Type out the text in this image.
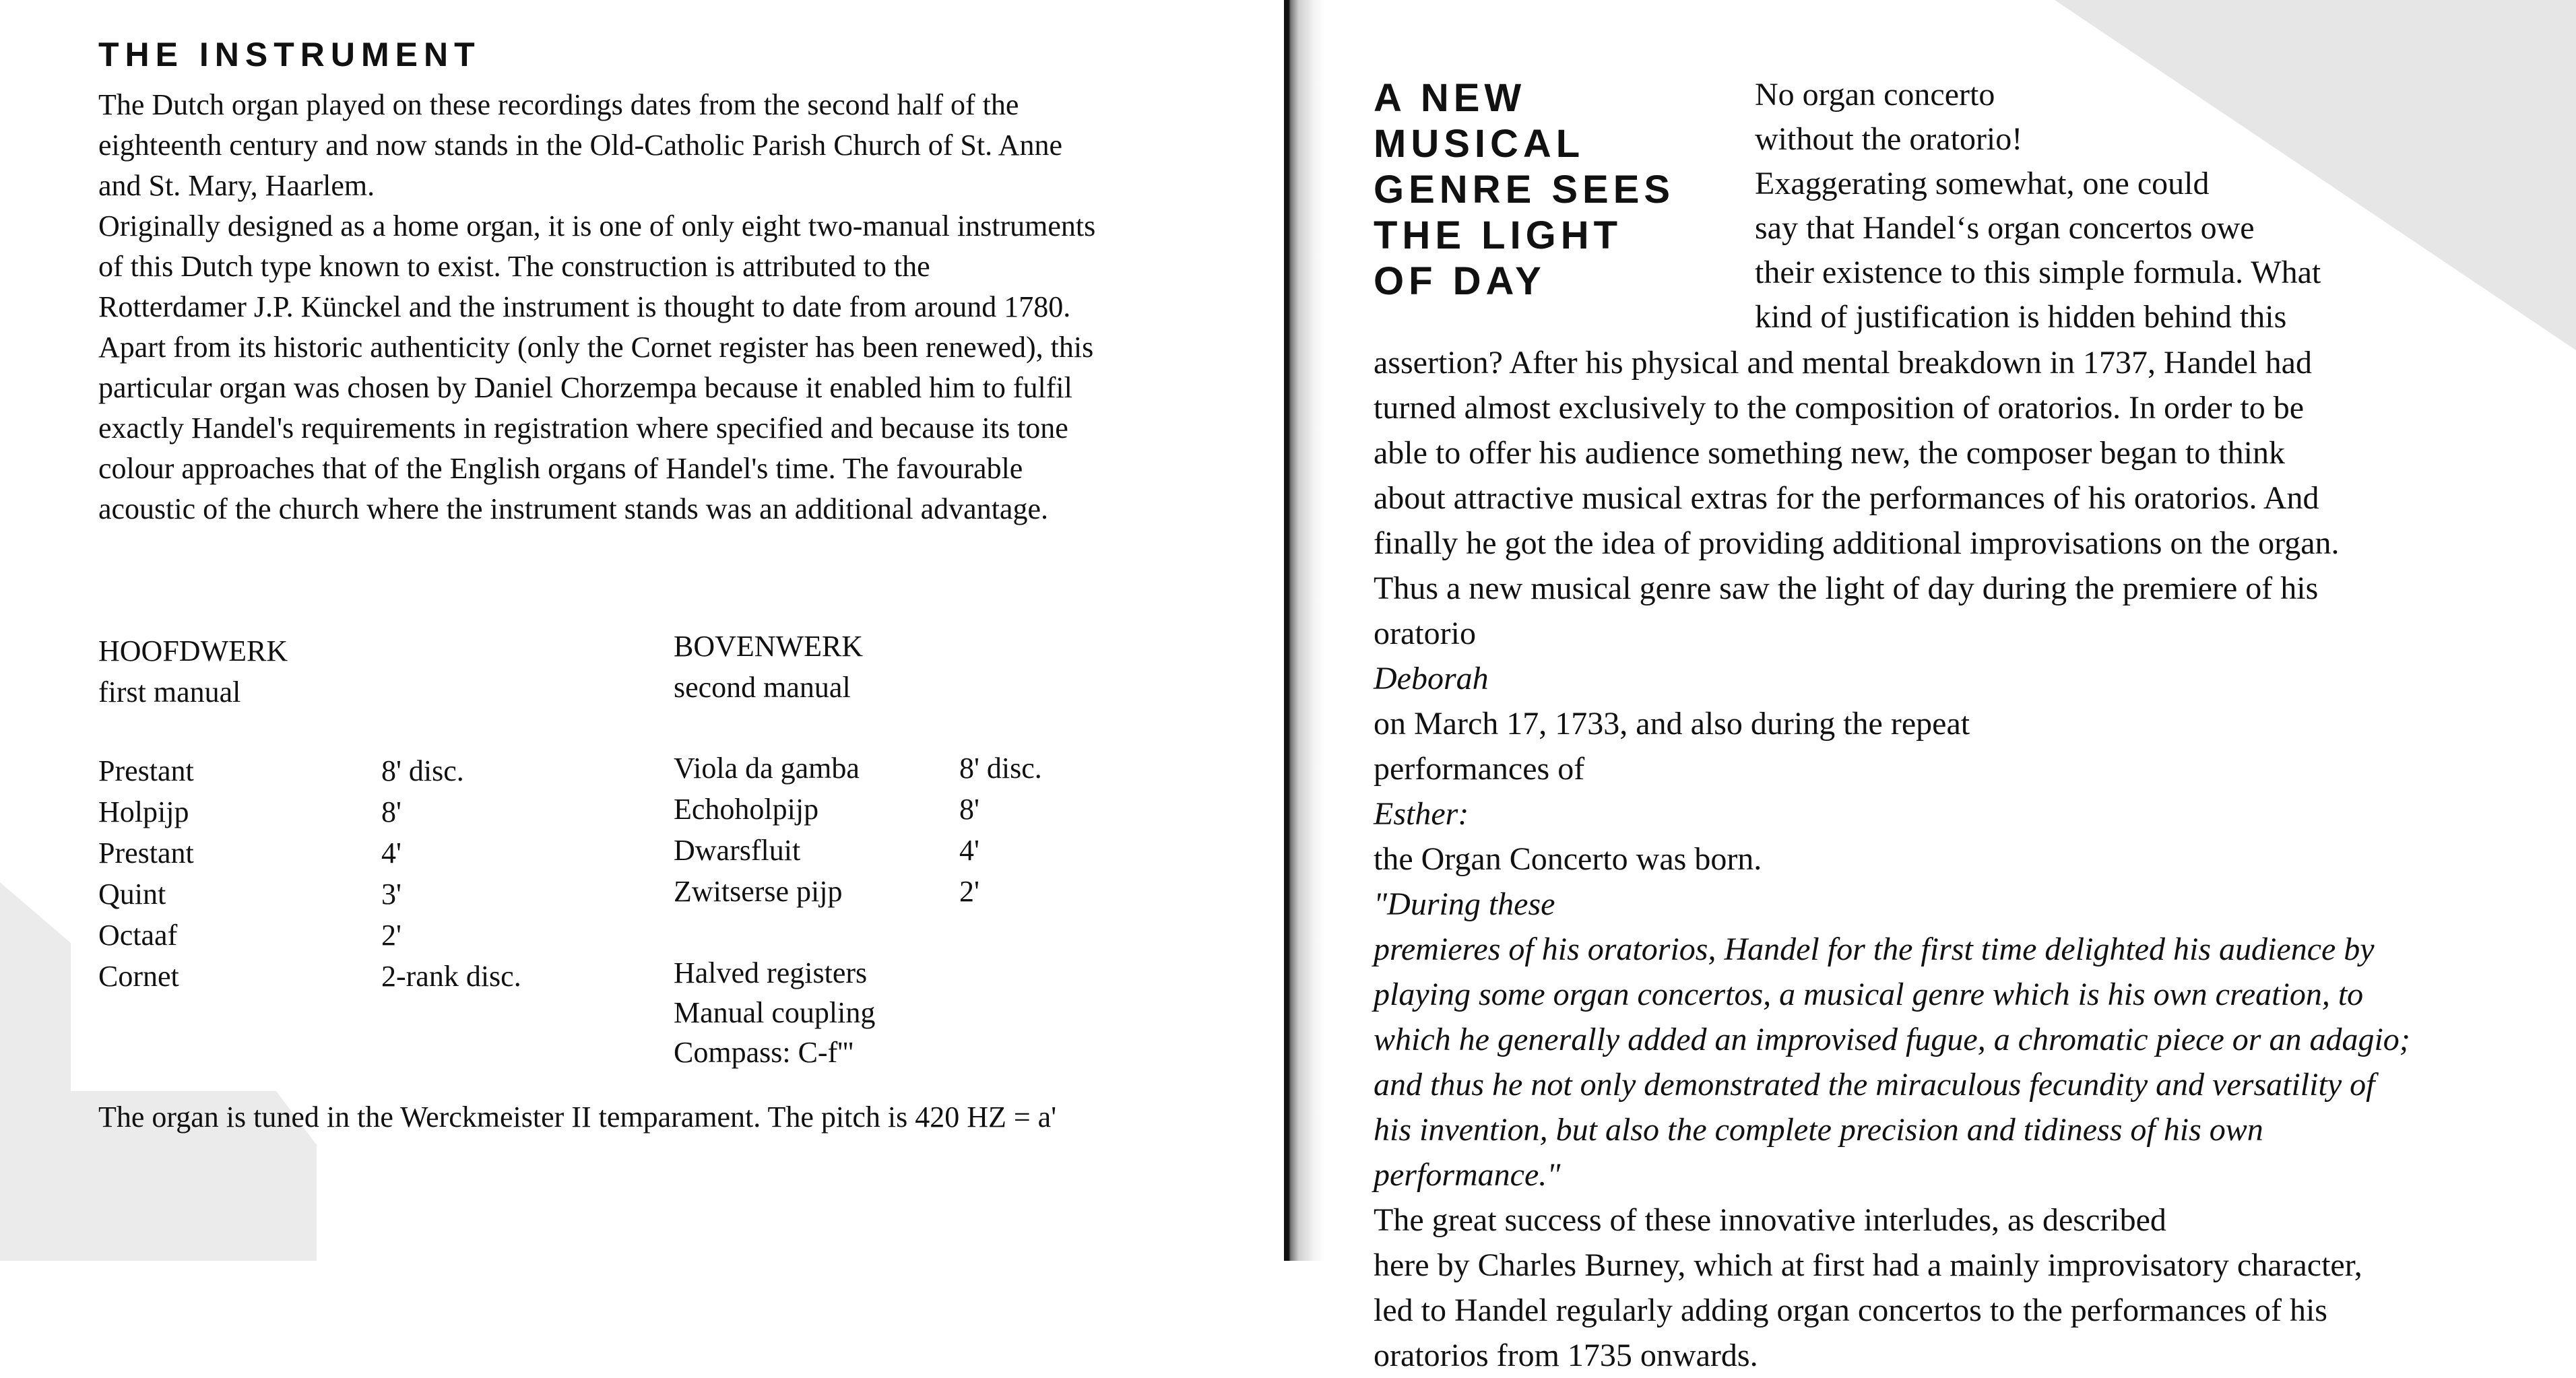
THE INSTRUMENT
The Dutch organ played on these recordings dates from the second half of the
eighteenth century and now stands in the Old-Catholic Parish Church of St. Anne
and St. Mary, Haarlem.
Originally designed as a home organ, it is one of only eight two-manual instruments
of this Dutch type known to exist. The construction is attributed to the
Rotterdamer J.P. Künckel and the instrument is thought to date from around 1780.
Apart from its historic authenticity (only the Cornet register has been renewed), this
particular organ was chosen by Daniel Chorzempa because it enabled him to fulfil
exactly Handel's requirements in registration where specified and because its tone
colour approaches that of the English organs of Handel's time. The favourable
acoustic of the church where the instrument stands was an additional advantage.
HOOFDWERK
first manual
BOVENWERK
second manual
Prestant
Holpijp
Prestant
Quint
Octaaf
Cornet
8' disc.
8'
4'
3'
2'
2-rank disc.
Viola da gamba
Echoholpijp
Dwarsfluit
Zwitserse pijp
8' disc.
8'
4'
2'
Halved registers
Manual coupling
Compass: C-f'''
The organ is tuned in the Werckmeister II temparament. The pitch is 420 HZ = a'
A NEW
MUSICAL
GENRE SEES
THE LIGHT
OF DAY
No organ concerto
without the oratorio!
Exaggerating somewhat, one could
say that Handel‘s organ concertos owe
their existence to this simple formula. What
kind of justification is hidden behind this
assertion? After his physical and mental breakdown in 1737, Handel had
turned almost exclusively to the composition of oratorios. In order to be
able to offer his audience something new, the composer began to think
about attractive musical extras for the performances of his oratorios. And
finally he got the idea of providing additional improvisations on the organ.
Thus a new musical genre saw the light of day during the premiere of his
oratorio
Deborah
on March 17, 1733, and also during the repeat
performances of
Esther:
the Organ Concerto was born.
"During these
premieres of his oratorios, Handel for the first time delighted his audience by
playing some organ concertos, a musical genre which is his own creation, to
which he generally added an improvised fugue, a chromatic piece or an adagio;
and thus he not only demonstrated the miraculous fecundity and versatility of
his invention, but also the complete precision and tidiness of his own
performance."
The great success of these innovative interludes, as described
here by Charles Burney, which at first had a mainly improvisatory character,
led to Handel regularly adding organ concertos to the performances of his
oratorios from 1735 onwards.
